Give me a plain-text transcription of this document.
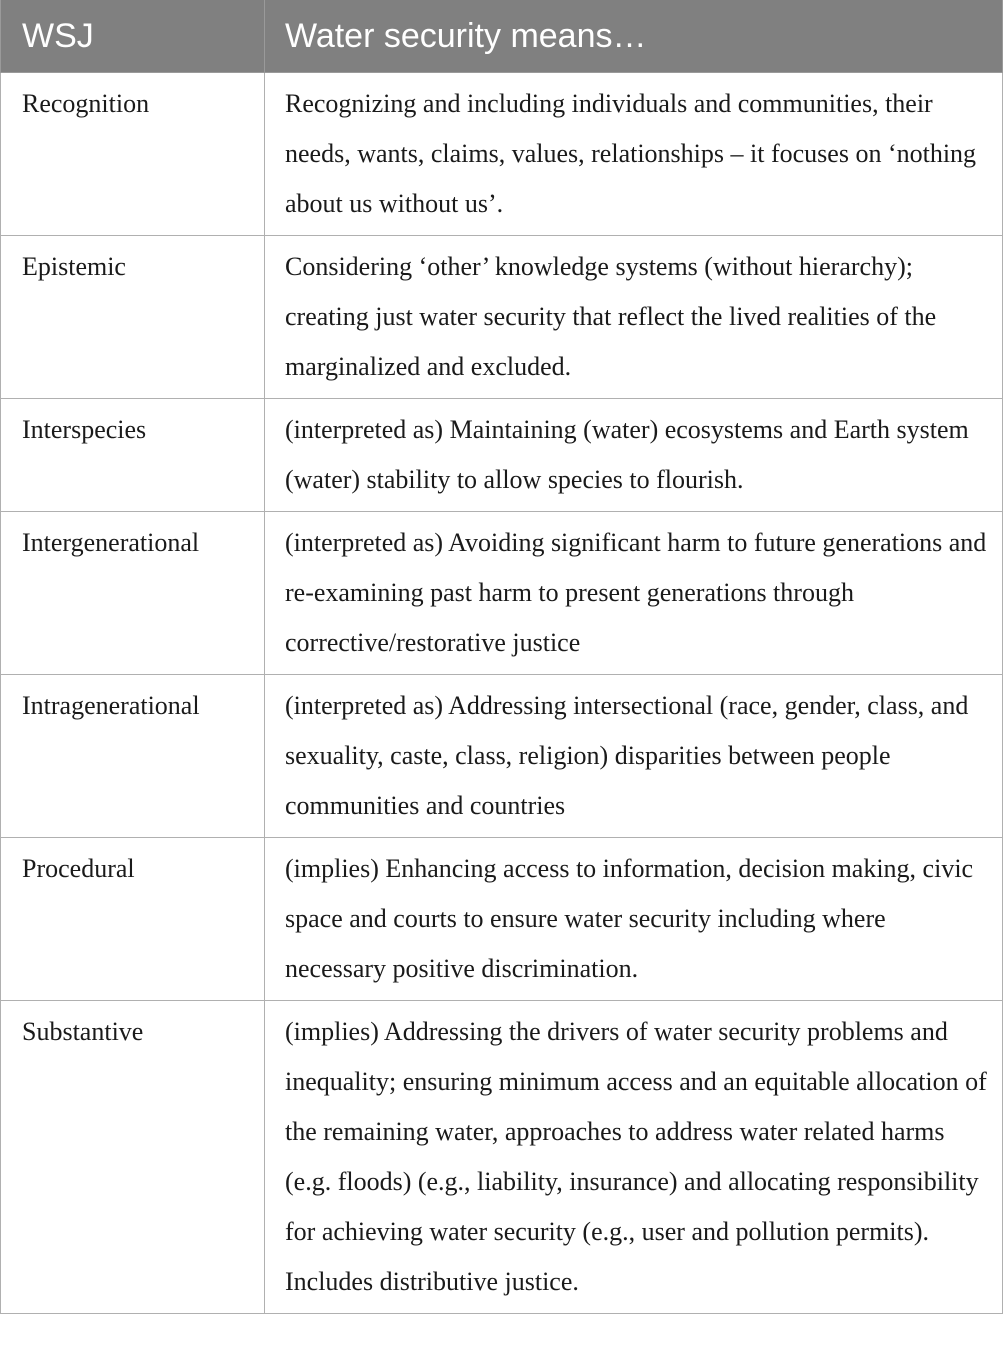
WSJ	Water security means…
Recognition	Recognizing and including individuals and communities, their needs, wants, claims, values, relationships – it focuses on ‘nothing about us without us’.
Epistemic	Considering ‘other’ knowledge systems (without hierarchy); creating just water security that reflect the lived realities of the marginalized and excluded.
Interspecies	(interpreted as) Maintaining (water) ecosystems and Earth system (water) stability to allow species to flourish.
Intergenerational	(interpreted as) Avoiding significant harm to future generations and re-examining past harm to present generations through corrective/restorative justice
Intragenerational	(interpreted as) Addressing intersectional (race, gender, class, and sexuality, caste, class, religion) disparities between people communities and countries
Procedural	(implies) Enhancing access to information, decision making, civic space and courts to ensure water security including where necessary positive discrimination.
Substantive	(implies) Addressing the drivers of water security problems and inequality; ensuring minimum access and an equitable allocation of the remaining water, approaches to address water related harms (e.g. floods) (e.g., liability, insurance) and allocating responsibility for achieving water security (e.g., user and pollution permits). Includes distributive justice.
